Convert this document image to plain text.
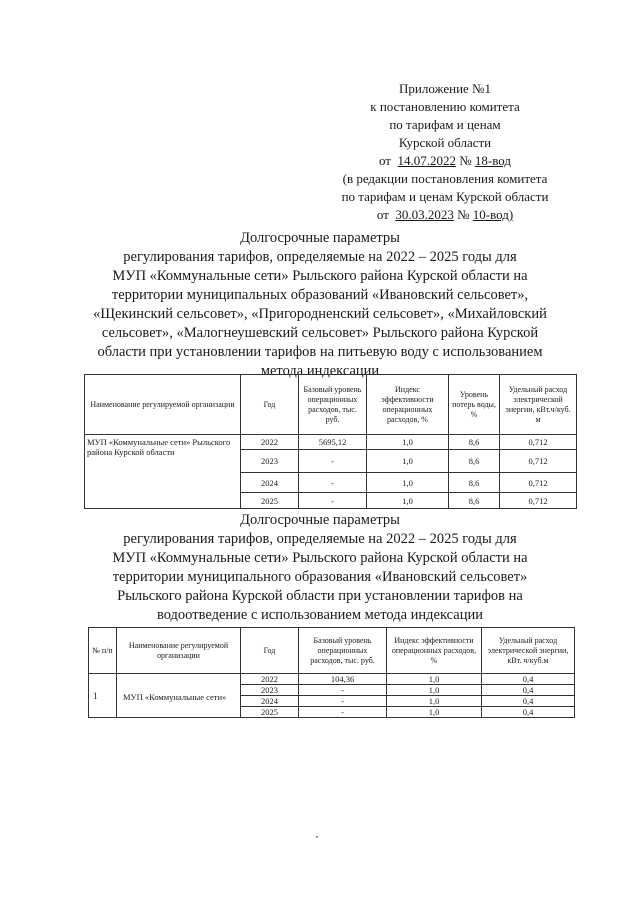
Приложение №1
к постановлению комитета
по тарифам и ценам
Курской области
от 14.07.2022 № 18-вод
(в редакции постановления комитета
по тарифам и ценам Курской области
от 30.03.2023 № 10-вод)
Долгосрочные параметры
регулирования тарифов, определяемые на 2022 – 2025 годы для
МУП «Коммунальные сети» Рыльского района Курской области на
территории муниципальных образований «Ивановский сельсовет»,
«Щекинский сельсовет», «Пригородненский сельсовет», «Михайловский
сельсовет», «Малогнеушевский сельсовет» Рыльского района Курской
области при установлении тарифов на питьевую воду с использованием
метода индексации
Наименование регулируемой организации	Год	Базовый уровень операционных расходов, тыс. руб.	Индекс эффективности операционных расходов, %	Уровень потерь воды, %	Удельный расход электрической энергии, кВт.ч/куб. м
МУП «Коммунальные сети» Рыльского района Курской области	2022	5695,12	1,0	8,6	0,712
	2023	-	1,0	8,6	0,712
	2024	-	1,0	8,6	0,712
	2025	-	1,0	8,6	0,712
Долгосрочные параметры
регулирования тарифов, определяемые на 2022 – 2025 годы для
МУП «Коммунальные сети» Рыльского района Курской области на
территории муниципального образования «Ивановский сельсовет»
Рыльского района Курской области при установлении тарифов на
водоотведение с использованием метода индексации
№ п/п	Наименование регулируемой организации	Год	Базовый уровень операционных расходов, тыс. руб.	Индекс эффективности операционных расходов, %	Удельный расход электрической энергии, кВт. ч/куб.м
1	МУП «Коммунальные сети»	2022	104,36	1,0	0,4
		2023	-	1,0	0,4
		2024	-	1,0	0,4
		2025	-	1,0	0,4
